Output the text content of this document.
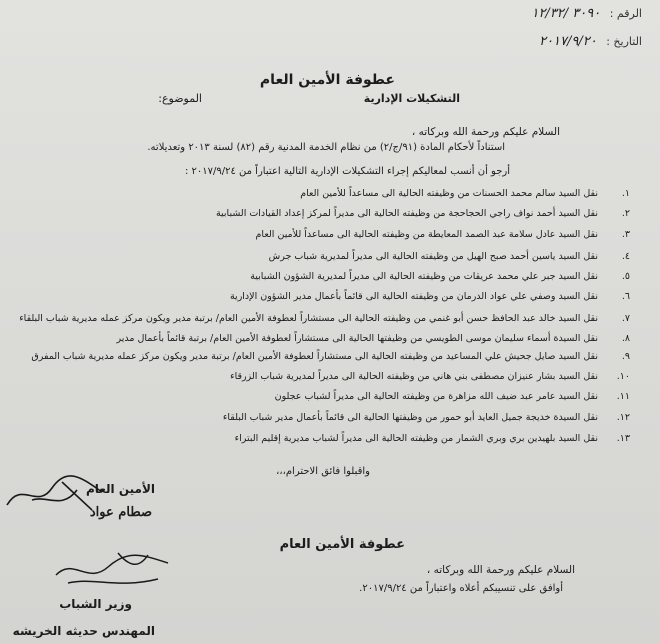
الرقم : ٣٠٩٠ /١٢/٣٢
التاريخ : ٢٠١٧/٩/٢٠
عطوفة الأمين العام
الموضوع:	التشكيلات الإدارية
السلام عليكم ورحمة الله وبركاته ،
استناداً لأحكام المادة (٩١/ج/٢) من نظام الخدمة المدنية رقم (٨٢) لسنة ٢٠١٣ وتعديلاته.
أرجو أن أنسب لمعاليكم إجراء التشكيلات الإدارية التالية اعتباراً من ٢٠١٧/٩/٢٤ :
١.
نقل السيد سالم محمد الحسنات من وظيفته الحالية الى مساعداً للأمين العام
٢.
نقل السيد أحمد نواف راجي الحجاحجة من وظيفته الحالية الى مديراً لمركز إعداد القيادات الشبابية
٣.
نقل السيد عادل سلامة عبد الصمد المعايطة من وظيفته الحالية الى مساعداً للأمين العام
٤.
نقل السيد ياسين أحمد صبح الهيل من وظيفته الحالية الى مديراً لمديرية شباب جرش
٥.
نقل السيد جبر علي محمد عريقات من وظيفته الحالية الى مديراً لمديرية الشؤون الشبابية
٦.
نقل السيد وصفي علي عواد الدرمان من وظيفته الحالية الى قائماً بأعمال مدير الشؤون الإدارية
٧.
نقل السيد خالد عبد الحافظ حسن أبو غنمي من وظيفته الحالية الى مستشاراً لعطوفة الأمين العام/ برتبة مدير ويكون مركز عمله مديرية شباب البلقاء
٨.
نقل السيدة أسماء سليمان موسى الطويسي من وظيفتها الحالية الى مستشاراً لعطوفة الأمين العام/ برتبة قائماً بأعمال مدير
٩.
نقل السيد صايل جحيش علي المساعيد من وظيفته الحالية الى مستشاراً لعطوفة الأمين العام/ برتبة مدير ويكون مركز عمله مديرية شباب المفرق
١٠.
نقل السيد بشار عنيزان مصطفى بني هاني من وظيفته الحالية الى مديراً لمديرية شباب الزرقاء
١١.
نقل السيد عامر عبد ضيف الله مزاهرة من وظيفته الحالية الى مديراً لشباب عجلون
١٢.
نقل السيدة خديجة جميل العايد أبو حمور من وظيفتها الحالية الى قائماً بأعمال مدير شباب البلقاء
١٣.
نقل السيد بلهيدين بري وبري الشمار من وظيفته الحالية الى مديراً لشباب مديرية إقليم البتراء
واقبلوا فائق الاحترام،،،
الأمين العام
صطام عواد
عطوفة الأمين العام
السلام عليكم ورحمة الله وبركاته ،
أوافق على تنسيبكم أعلاه واعتباراً من ٢٠١٧/٩/٢٤.
وزير الشباب
المهندس حديثه الخريشه
